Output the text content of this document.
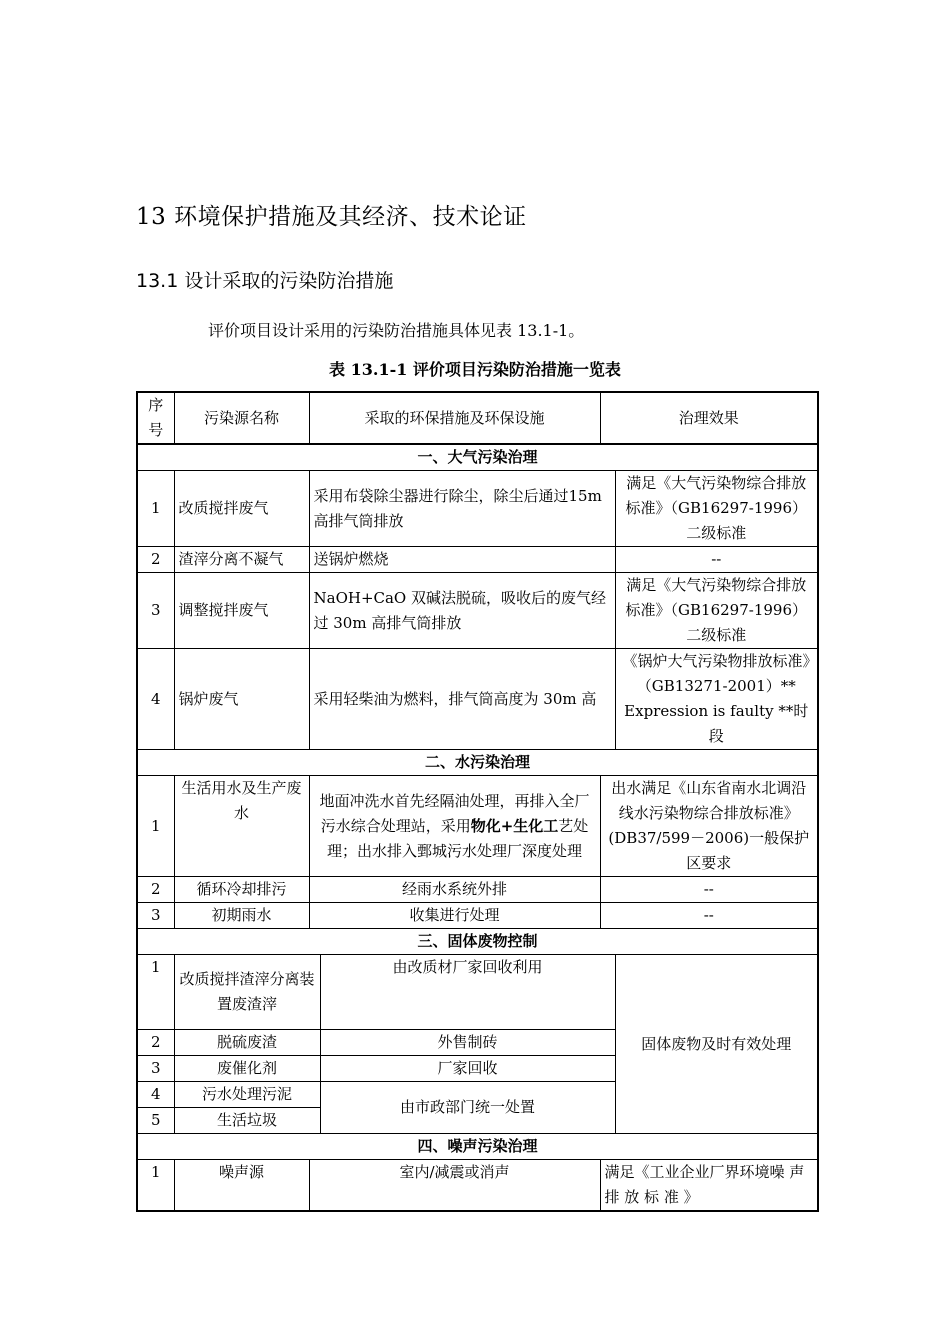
13 环境保护措施及其经济、技术论证
13.1 设计采取的污染防治措施
评价项目设计采用的污染防治措施具体见表 13.1-1。
表 13.1-1 评价项目污染防治措施一览表
序号	污染源名称	采取的环保措施及环保设施		治理效果	
一、大气污染治理					
1	改质搅拌废气	采用布袋除尘器进行除尘，除尘后通过15m 高排气筒排放			满足《大气污染物综合排放标准》（GB16297-1996）二级标准
2	渣滓分离不凝气	送锅炉燃烧			--
3	调整搅拌废气	NaOH+CaO 双碱法脱硫，吸收后的废气经过 30m 高排气筒排放			满足《大气污染物综合排放标准》（GB16297-1996）二级标准
4	锅炉废气	采用轻柴油为燃料，排气筒高度为 30m 高			《锅炉大气污染物排放标准》（GB13271-2001）** Expression is faulty **时段
二、水污染治理					
1	生活用水及生产废水	地面冲洗水首先经隔油处理，再排入全厂污水综合处理站，采用物化+生化工艺处理；出水排入鄄城污水处理厂深度处理		出水满足《山东省南水北调沿线水污染物综合排放标准》(DB37/599－2006)一般保护区要求	
2	循环冷却排污	经雨水系统外排		--	
3	初期雨水	收集进行处理		--	
三、固体废物控制					
1	改质搅拌渣滓分离装置废渣滓		由改质材厂家回收利用		固体废物及时有效处理
2	脱硫废渣		外售制砖		
3	废催化剂		厂家回收		
4	污水处理污泥		由市政部门统一处置		
5	生活垃圾				
四、噪声污染治理					
1	噪声源	室内/减震或消声		满足《工业企业厂界环境噪 声 排 放 标 准 》	
